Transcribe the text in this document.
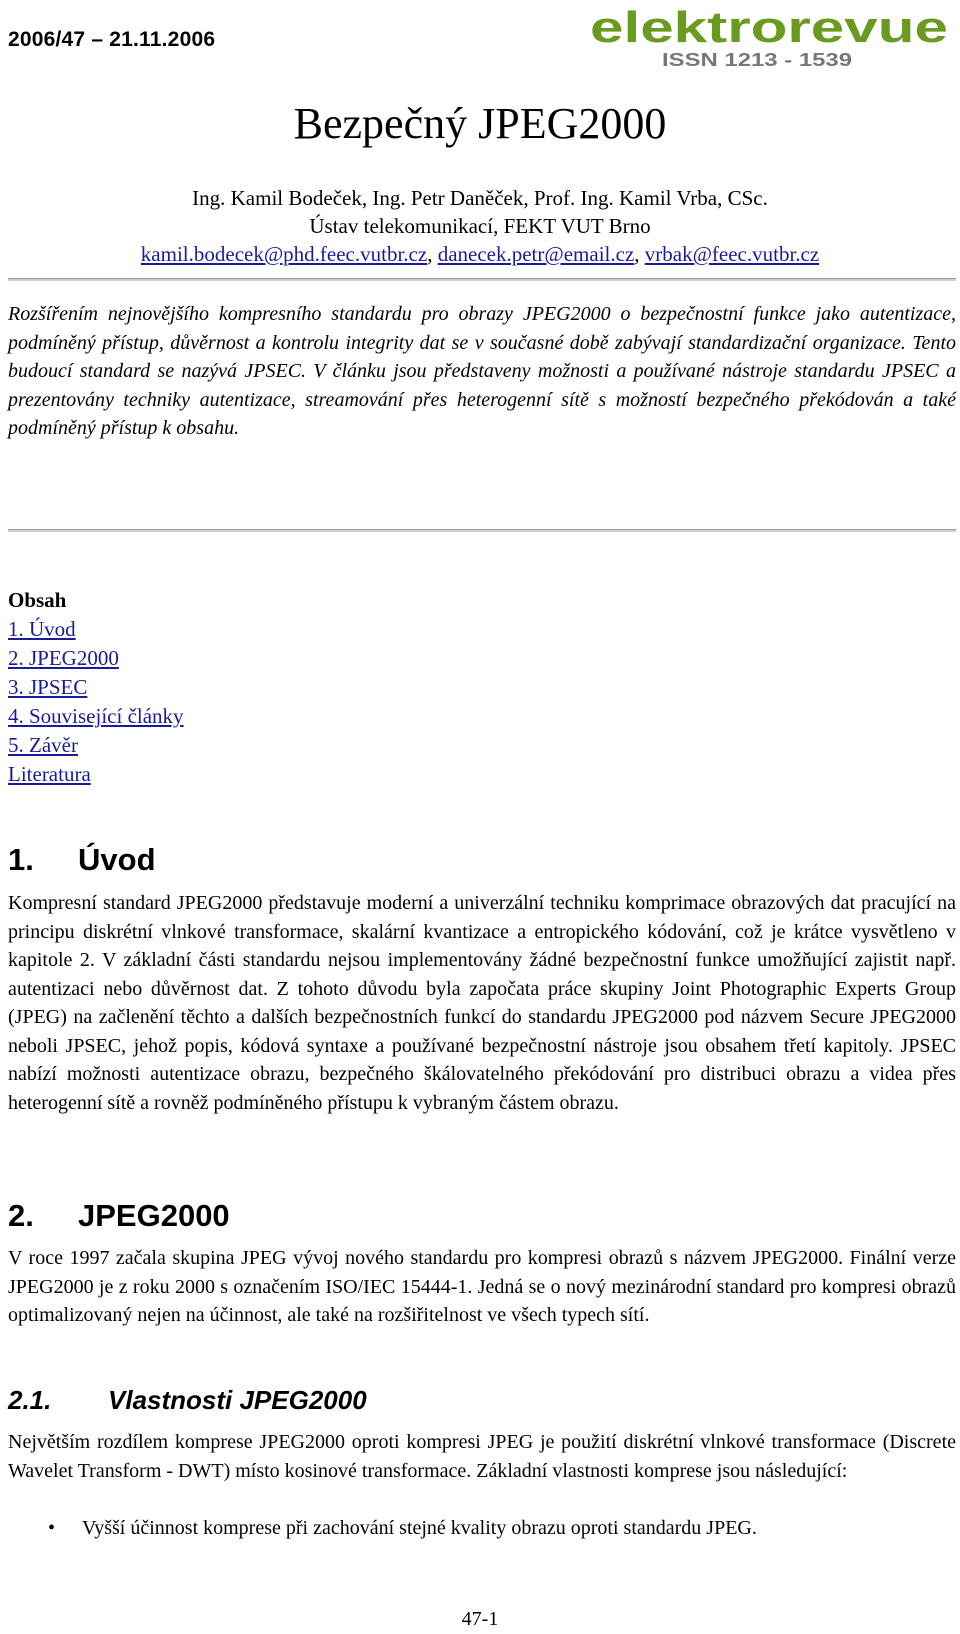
2006/47 – 21.11.2006	elektrorevue
ISSN 1213 - 1539
Bezpečný JPEG2000
Ing. Kamil Bodeček, Ing. Petr Daněček, Prof. Ing. Kamil Vrba, CSc.
Ústav telekomunikací, FEKT VUT Brno
kamil.bodecek@phd.feec.vutbr.cz, danecek.petr@email.cz, vrbak@feec.vutbr.cz

Rozšířením nejnovějšího kompresního standardu pro obrazy JPEG2000 o bezpečnostní funkce jako autentizace, podmíněný přístup, důvěrnost a kontrolu integrity dat se v současné době zabývají standardizační organizace. Tento budoucí standard se nazývá JPSEC. V článku jsou představeny možnosti a používané nástroje standardu JPSEC a prezentovány techniky autentizace, streamování přes heterogenní sítě s možností bezpečného překódován a také podmíněný přístup k obsahu.

Obsah
1. Úvod
2. JPEG2000
3. JPSEC
4. Související články
5. Závěr
Literatura
1. Úvod

Kompresní standard JPEG2000 představuje moderní a univerzální techniku komprimace obrazových dat pracující na principu diskrétní vlnkové transformace, skalární kvantizace a entropického kódování, což je krátce vysvětleno v kapitole 2. V základní části standardu nejsou implementovány žádné bezpečnostní funkce umožňující zajistit např. autentizaci nebo důvěrnost dat. Z tohoto důvodu byla započata práce skupiny Joint Photographic Experts Group (JPEG) na začlenění těchto a dalších bezpečnostních funkcí do standardu JPEG2000 pod názvem Secure JPEG2000 neboli JPSEC, jehož popis, kódová syntaxe a používané bezpečnostní nástroje jsou obsahem třetí kapitoly. JPSEC nabízí možnosti autentizace obrazu, bezpečného škálovatelného překódování pro distribuci obrazu a videa přes heterogenní sítě a rovněž podmíněného přístupu k vybraným částem obrazu.

2. JPEG2000

V roce 1997 začala skupina JPEG vývoj nového standardu pro kompresi obrazů s názvem JPEG2000. Finální verze JPEG2000 je z roku 2000 s označením ISO/IEC 15444-1. Jedná se o nový mezinárodní standard pro kompresi obrazů optimalizovaný nejen na účinnost, ale také na rozšiřitelnost ve všech typech sítí.

2.1. Vlastnosti JPEG2000

Největším rozdílem komprese JPEG2000 oproti kompresi JPEG je použití diskrétní vlnkové transformace (Discrete Wavelet Transform - DWT) místo kosinové transformace. Základní vlastnosti komprese jsou následující:

• Vyšší účinnost komprese při zachování stejné kvality obrazu oproti standardu JPEG.
47-1
